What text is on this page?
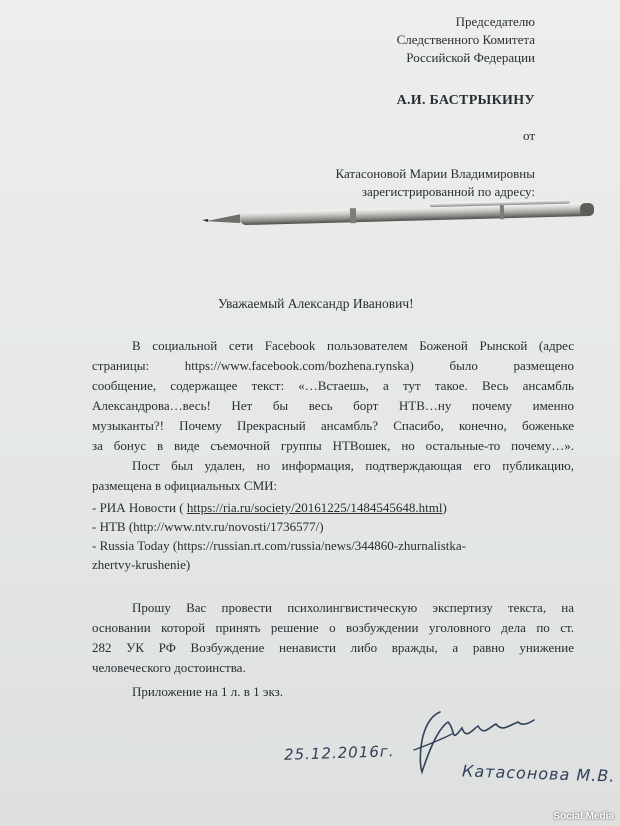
Председателю
Следственного Комитета
Российской Федерации
А.И. БАСТРЫКИНУ
от
Катасоновой Марии Владимировны
зарегистрированной по адресу:
Уважаемый Александр Иванович!
В социальной сети Facebook пользователем Боженой Рынской (адрес
страницы: https://www.facebook.com/bozhena.rynska) было размещено
сообщение, содержащее текст: «…Встаешь, а тут такое. Весь ансамбль
Александрова…весь! Нет бы весь борт НТВ…ну почему именно
музыканты?! Почему Прекрасный ансамбль? Спасибо, конечно, боженьке
за бонус в виде съемочной группы НТВошек, но остальные-то почему…».
Пост был удален, но информация, подтверждающая его публикацию,
размещена в официальных СМИ:
- РИА Новости ( https://ria.ru/society/20161225/1484545648.html)
- НТВ (http://www.ntv.ru/novosti/1736577/)
- Russia Today (https://russian.rt.com/russia/news/344860-zhurnalistka-
zhertvy-krushenie)
Прошу Вас провести психолингвистическую экспертизу текста, на
основании которой принять решение о возбуждении уголовного дела по ст.
282 УК РФ Возбуждение ненависти либо вражды, а равно унижение
человеческого достоинства.
Приложение на 1 л. в 1 экз.
25.12.2016г.
Катасонова М.В.
Social Media
